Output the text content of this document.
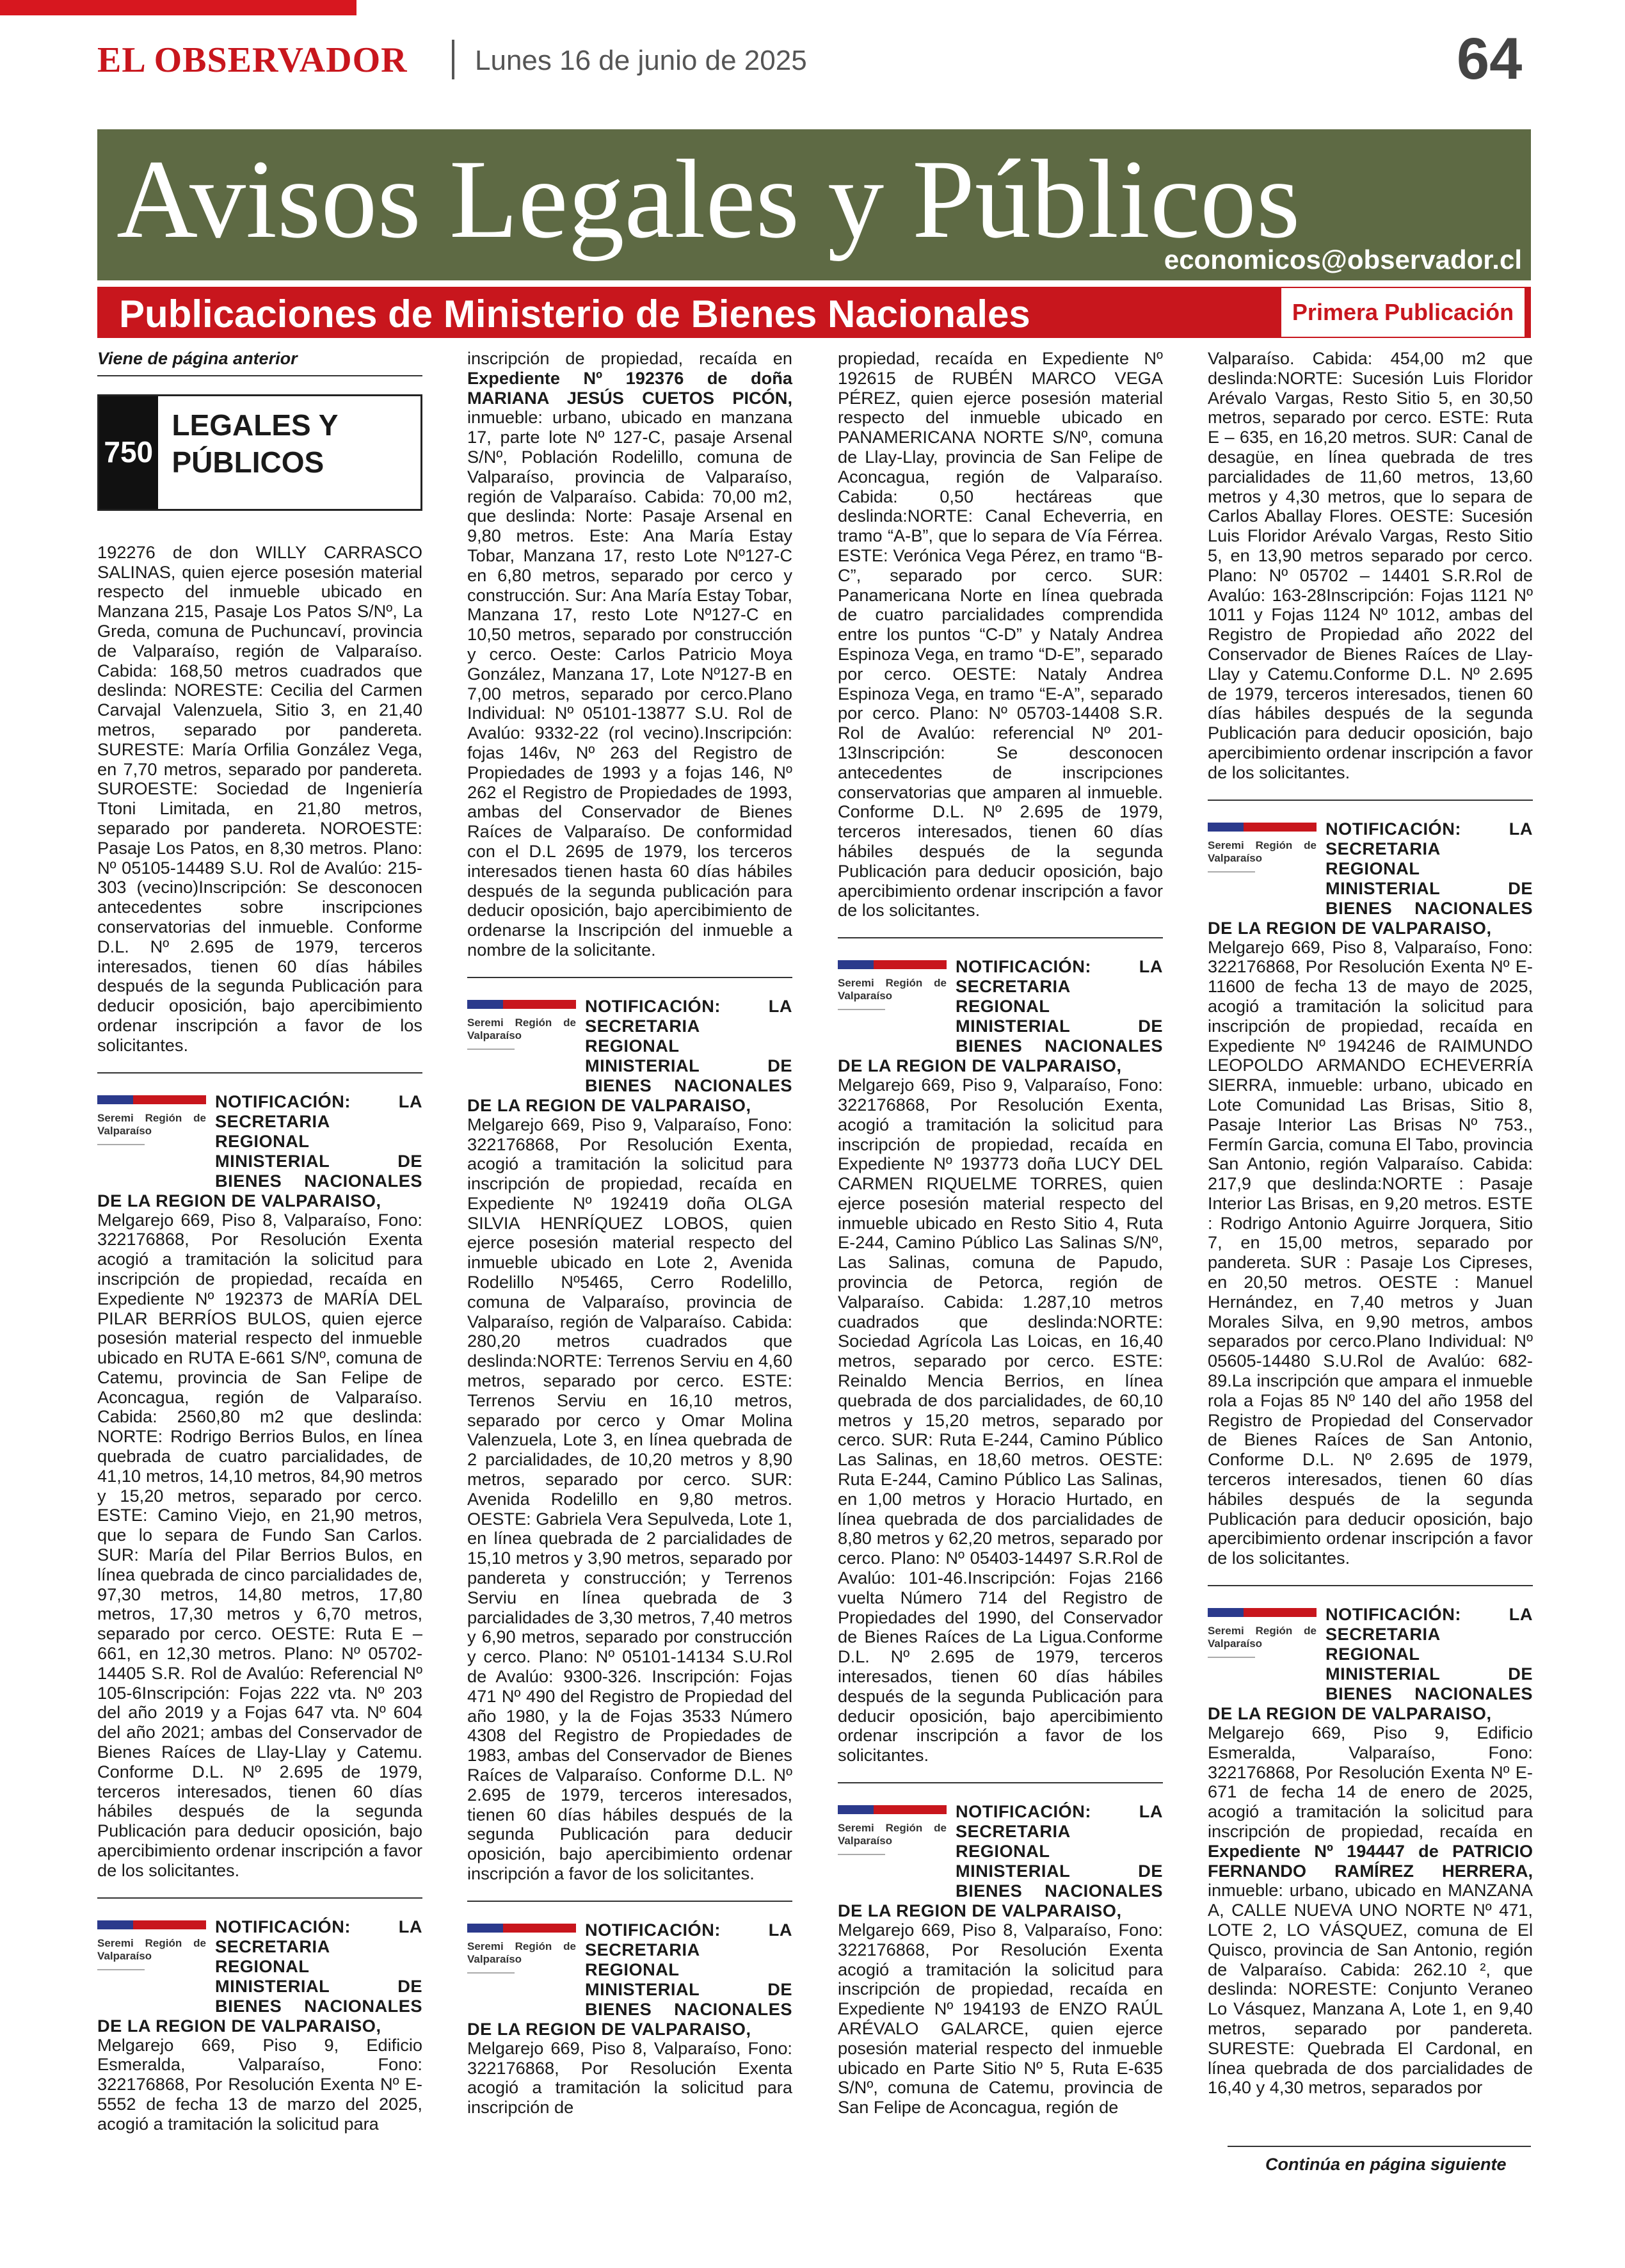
EL OBSERVADOR Lunes 16 de junio de 2025	64
Avisos Legales y Públicos
economicos@observador.cl
Publicaciones de Ministerio de Bienes Nacionales	Primera Publicación

Viene de página anterior

750
LEGALES Y PÚBLICOS

192276 de don WILLY CARRASCO SALINAS, quien ejerce posesión material respecto del inmueble ubicado en Manzana 215, Pasaje Los Patos S/Nº, La Greda, comuna de Puchuncaví, provincia de Valparaíso, región de Valparaíso. Cabida: 168,50 metros cuadrados que deslinda: NORESTE: Cecilia del Carmen Carvajal Valenzuela, Sitio 3, en 21,40 metros, separado por pandereta. SURESTE: María Orfilia González Vega, en 7,70 metros, separado por pandereta. SUROESTE: Sociedad de Ingeniería Ttoni Limitada, en 21,80 metros, separado por pandereta. NOROESTE: Pasaje Los Patos, en 8,30 metros. Plano: Nº 05105-14489 S.U. Rol de Avalúo: 215-303 (vecino)Inscripción: Se desconocen antecedentes sobre inscripciones conservatorias del inmueble. Conforme D.L. Nº 2.695 de 1979, terceros interesados, tienen 60 días hábiles después de la segunda Publicación para deducir oposición, bajo apercibimiento ordenar inscripción a favor de los solicitantes.

Seremi Región de Valparaíso

NOTIFICACIÓN: LA SECRETARIA REGIONAL MINISTERIAL DE BIENES NACIONALES DE LA REGION DE VALPARAISO,

Melgarejo 669, Piso 8, Valparaíso, Fono: 322176868, Por Resolución Exenta acogió a tramitación la solicitud para inscripción de propiedad, recaída en Expediente Nº 192373 de MARÍA DEL PILAR BERRÍOS BULOS, quien ejerce posesión material respecto del inmueble ubicado en RUTA E-661 S/Nº, comuna de Catemu, provincia de San Felipe de Aconcagua, región de Valparaíso. Cabida: 2560,80 m2 que deslinda: NORTE: Rodrigo Berrios Bulos, en línea quebrada de cuatro parcialidades, de 41,10 metros, 14,10 metros, 84,90 metros y 15,20 metros, separado por cerco. ESTE: Camino Viejo, en 21,90 metros, que lo separa de Fundo San Carlos. SUR: María del Pilar Berrios Bulos, en línea quebrada de cinco parcialidades de, 97,30 metros, 14,80 metros, 17,80 metros, 17,30 metros y 6,70 metros, separado por cerco. OESTE: Ruta E – 661, en 12,30 metros. Plano: Nº 05702-14405 S.R. Rol de Avalúo: Referencial Nº 105-6Inscripción: Fojas 222 vta. Nº 203 del año 2019 y a Fojas 647 vta. Nº 604 del año 2021; ambas del Conservador de Bienes Raíces de Llay-Llay y Catemu. Conforme D.L. Nº 2.695 de 1979, terceros interesados, tienen 60 días hábiles después de la segunda Publicación para deducir oposición, bajo apercibimiento ordenar inscripción a favor de los solicitantes.

Seremi Región de Valparaíso

NOTIFICACIÓN: LA SECRETARIA REGIONAL MINISTERIAL DE BIENES NACIONALES DE LA REGION DE VALPARAISO,

Melgarejo 669, Piso 9, Edificio Esmeralda, Valparaíso, Fono: 322176868, Por Resolución Exenta Nº E-5552 de fecha 13 de marzo del 2025, acogió a tramitación la solicitud para

inscripción de propiedad, recaída en Expediente Nº 192376 de doña MARIANA JESÚS CUETOS PICÓN, inmueble: urbano, ubicado en manzana 17, parte lote Nº 127-C, pasaje Arsenal S/Nº, Población Rodelillo, comuna de Valparaíso, provincia de Valparaíso, región de Valparaíso. Cabida: 70,00 m2, que deslinda: Norte: Pasaje Arsenal en 9,80 metros. Este: Ana María Estay Tobar, Manzana 17, resto Lote Nº127-C en 6,80 metros, separado por cerco y construcción. Sur: Ana María Estay Tobar, Manzana 17, resto Lote Nº127-C en 10,50 metros, separado por construcción y cerco. Oeste: Carlos Patricio Moya González, Manzana 17, Lote Nº127-B en 7,00 metros, separado por cerco.Plano Individual: Nº 05101-13877 S.U. Rol de Avalúo: 9332-22 (rol vecino).Inscripción: fojas 146v, Nº 263 del Registro de Propiedades de 1993 y a fojas 146, Nº 262 el Registro de Propiedades de 1993, ambas del Conservador de Bienes Raíces de Valparaíso. De conformidad con el D.L 2695 de 1979, los terceros interesados tienen hasta 60 días hábiles después de la segunda publicación para deducir oposición, bajo apercibimiento de ordenarse la Inscripción del inmueble a nombre de la solicitante.

Seremi Región de Valparaíso

NOTIFICACIÓN: LA SECRETARIA REGIONAL MINISTERIAL DE BIENES NACIONALES DE LA REGION DE VALPARAISO,

Melgarejo 669, Piso 9, Valparaíso, Fono: 322176868, Por Resolución Exenta, acogió a tramitación la solicitud para inscripción de propiedad, recaída en Expediente Nº 192419 doña OLGA SILVIA HENRÍQUEZ LOBOS, quien ejerce posesión material respecto del inmueble ubicado en Lote 2, Avenida Rodelillo Nº5465, Cerro Rodelillo, comuna de Valparaíso, provincia de Valparaíso, región de Valparaíso. Cabida: 280,20 metros cuadrados que deslinda:NORTE: Terrenos Serviu en 4,60 metros, separado por cerco. ESTE: Terrenos Serviu en 16,10 metros, separado por cerco y Omar Molina Valenzuela, Lote 3, en línea quebrada de 2 parcialidades, de 10,20 metros y 8,90 metros, separado por cerco. SUR: Avenida Rodelillo en 9,80 metros. OESTE: Gabriela Vera Sepulveda, Lote 1, en línea quebrada de 2 parcialidades de 15,10 metros y 3,90 metros, separado por pandereta y construcción; y Terrenos Serviu en línea quebrada de 3 parcialidades de 3,30 metros, 7,40 metros y 6,90 metros, separado por construcción y cerco. Plano: Nº 05101-14134 S.U.Rol de Avalúo: 9300-326. Inscripción: Fojas 471 Nº 490 del Registro de Propiedad del año 1980, y la de Fojas 3533 Número 4308 del Registro de Propiedades de 1983, ambas del Conservador de Bienes Raíces de Valparaíso. Conforme D.L. Nº 2.695 de 1979, terceros interesados, tienen 60 días hábiles después de la segunda Publicación para deducir oposición, bajo apercibimiento ordenar inscripción a favor de los solicitantes.

Seremi Región de Valparaíso

NOTIFICACIÓN: LA SECRETARIA REGIONAL MINISTERIAL DE BIENES NACIONALES DE LA REGION DE VALPARAISO,

Melgarejo 669, Piso 8, Valparaíso, Fono: 322176868, Por Resolución Exenta acogió a tramitación la solicitud para inscripción de

propiedad, recaída en Expediente Nº 192615 de RUBÉN MARCO VEGA PÉREZ, quien ejerce posesión material respecto del inmueble ubicado en PANAMERICANA NORTE S/Nº, comuna de Llay-Llay, provincia de San Felipe de Aconcagua, región de Valparaíso. Cabida: 0,50 hectáreas que deslinda:NORTE: Canal Echeverria, en tramo “A-B”, que lo separa de Vía Férrea. ESTE: Verónica Vega Pérez, en tramo “B-C”, separado por cerco. SUR: Panamericana Norte en línea quebrada de cuatro parcialidades comprendida entre los puntos “C-D” y Nataly Andrea Espinoza Vega, en tramo “D-E”, separado por cerco. OESTE: Nataly Andrea Espinoza Vega, en tramo “E-A”, separado por cerco. Plano: Nº 05703-14408 S.R. Rol de Avalúo: referencial Nº 201-13Inscripción: Se desconocen antecedentes de inscripciones conservatorias que amparen al inmueble. Conforme D.L. Nº 2.695 de 1979, terceros interesados, tienen 60 días hábiles después de la segunda Publicación para deducir oposición, bajo apercibimiento ordenar inscripción a favor de los solicitantes.

Seremi Región de Valparaíso

NOTIFICACIÓN: LA SECRETARIA REGIONAL MINISTERIAL DE BIENES NACIONALES DE LA REGION DE VALPARAISO,

Melgarejo 669, Piso 9, Valparaíso, Fono: 322176868, Por Resolución Exenta, acogió a tramitación la solicitud para inscripción de propiedad, recaída en Expediente Nº 193773 doña LUCY DEL CARMEN RIQUELME TORRES, quien ejerce posesión material respecto del inmueble ubicado en Resto Sitio 4, Ruta E-244, Camino Público Las Salinas S/Nº, Las Salinas, comuna de Papudo, provincia de Petorca, región de Valparaíso. Cabida: 1.287,10 metros cuadrados que deslinda:NORTE: Sociedad Agrícola Las Loicas, en 16,40 metros, separado por cerco. ESTE: Reinaldo Mencia Berrios, en línea quebrada de dos parcialidades, de 60,10 metros y 15,20 metros, separado por cerco. SUR: Ruta E-244, Camino Público Las Salinas, en 18,60 metros. OESTE: Ruta E-244, Camino Público Las Salinas, en 1,00 metros y Horacio Hurtado, en línea quebrada de dos parcialidades de 8,80 metros y 62,20 metros, separado por cerco. Plano: Nº 05403-14497 S.R.Rol de Avalúo: 101-46.Inscripción: Fojas 2166 vuelta Número 714 del Registro de Propiedades del 1990, del Conservador de Bienes Raíces de La Ligua.Conforme D.L. Nº 2.695 de 1979, terceros interesados, tienen 60 días hábiles después de la segunda Publicación para deducir oposición, bajo apercibimiento ordenar inscripción a favor de los solicitantes.

Seremi Región de Valparaíso

NOTIFICACIÓN: LA SECRETARIA REGIONAL MINISTERIAL DE BIENES NACIONALES DE LA REGION DE VALPARAISO,

Melgarejo 669, Piso 8, Valparaíso, Fono: 322176868, Por Resolución Exenta acogió a tramitación la solicitud para inscripción de propiedad, recaída en Expediente Nº 194193 de ENZO RAÚL ARÉVALO GALARCE, quien ejerce posesión material respecto del inmueble ubicado en Parte Sitio Nº 5, Ruta E-635 S/Nº, comuna de Catemu, provincia de San Felipe de Aconcagua, región de

Valparaíso. Cabida: 454,00 m2 que deslinda:NORTE: Sucesión Luis Floridor Arévalo Vargas, Resto Sitio 5, en 30,50 metros, separado por cerco. ESTE: Ruta E – 635, en 16,20 metros. SUR: Canal de desagüe, en línea quebrada de tres parcialidades de 11,60 metros, 13,60 metros y 4,30 metros, que lo separa de Carlos Aballay Flores. OESTE: Sucesión Luis Floridor Arévalo Vargas, Resto Sitio 5, en 13,90 metros separado por cerco. Plano: Nº 05702 – 14401 S.R.Rol de Avalúo: 163-28Inscripción: Fojas 1121 Nº 1011 y Fojas 1124 Nº 1012, ambas del Registro de Propiedad año 2022 del Conservador de Bienes Raíces de Llay-Llay y Catemu.Conforme D.L. Nº 2.695 de 1979, terceros interesados, tienen 60 días hábiles después de la segunda Publicación para deducir oposición, bajo apercibimiento ordenar inscripción a favor de los solicitantes.

Seremi Región de Valparaíso

NOTIFICACIÓN: LA SECRETARIA REGIONAL MINISTERIAL DE BIENES NACIONALES DE LA REGION DE VALPARAISO,

Melgarejo 669, Piso 8, Valparaíso, Fono: 322176868, Por Resolución Exenta Nº E-11600 de fecha 13 de mayo de 2025, acogió a tramitación la solicitud para inscripción de propiedad, recaída en Expediente Nº 194246 de RAIMUNDO LEOPOLDO ARMANDO ECHEVERRÍA SIERRA, inmueble: urbano, ubicado en Lote Comunidad Las Brisas, Sitio 8, Pasaje Interior Las Brisas Nº 753., Fermín Garcia, comuna El Tabo, provincia San Antonio, región Valparaíso. Cabida: 217,9 que deslinda:NORTE : Pasaje Interior Las Brisas, en 9,20 metros. ESTE : Rodrigo Antonio Aguirre Jorquera, Sitio 7, en 15,00 metros, separado por pandereta. SUR : Pasaje Los Cipreses, en 20,50 metros. OESTE : Manuel Hernández, en 7,40 metros y Juan Morales Silva, en 9,90 metros, ambos separados por cerco.Plano Individual: Nº 05605-14480 S.U.Rol de Avalúo: 682-89.La inscripción que ampara el inmueble rola a Fojas 85 Nº 140 del año 1958 del Registro de Propiedad del Conservador de Bienes Raíces de San Antonio, Conforme D.L. Nº 2.695 de 1979, terceros interesados, tienen 60 días hábiles después de la segunda Publicación para deducir oposición, bajo apercibimiento ordenar inscripción a favor de los solicitantes.

Seremi Región de Valparaíso

NOTIFICACIÓN: LA SECRETARIA REGIONAL MINISTERIAL DE BIENES NACIONALES DE LA REGION DE VALPARAISO,

Melgarejo 669, Piso 9, Edificio Esmeralda, Valparaíso, Fono: 322176868, Por Resolución Exenta Nº E-671 de fecha 14 de enero de 2025, acogió a tramitación la solicitud para inscripción de propiedad, recaída en Expediente Nº 194447 de PATRICIO FERNANDO RAMÍREZ HERRERA, inmueble: urbano, ubicado en MANZANA A, CALLE NUEVA UNO NORTE Nº 471, LOTE 2, LO VÁSQUEZ, comuna de El Quisco, provincia de San Antonio, región de Valparaíso. Cabida: 262.10 ², que deslinda: NORESTE: Conjunto Veraneo Lo Vásquez, Manzana A, Lote 1, en 9,40 metros, separado por pandereta. SURESTE: Quebrada El Cardonal, en línea quebrada de dos parcialidades de 16,40 y 4,30 metros, separados por

Continúa en página siguiente
